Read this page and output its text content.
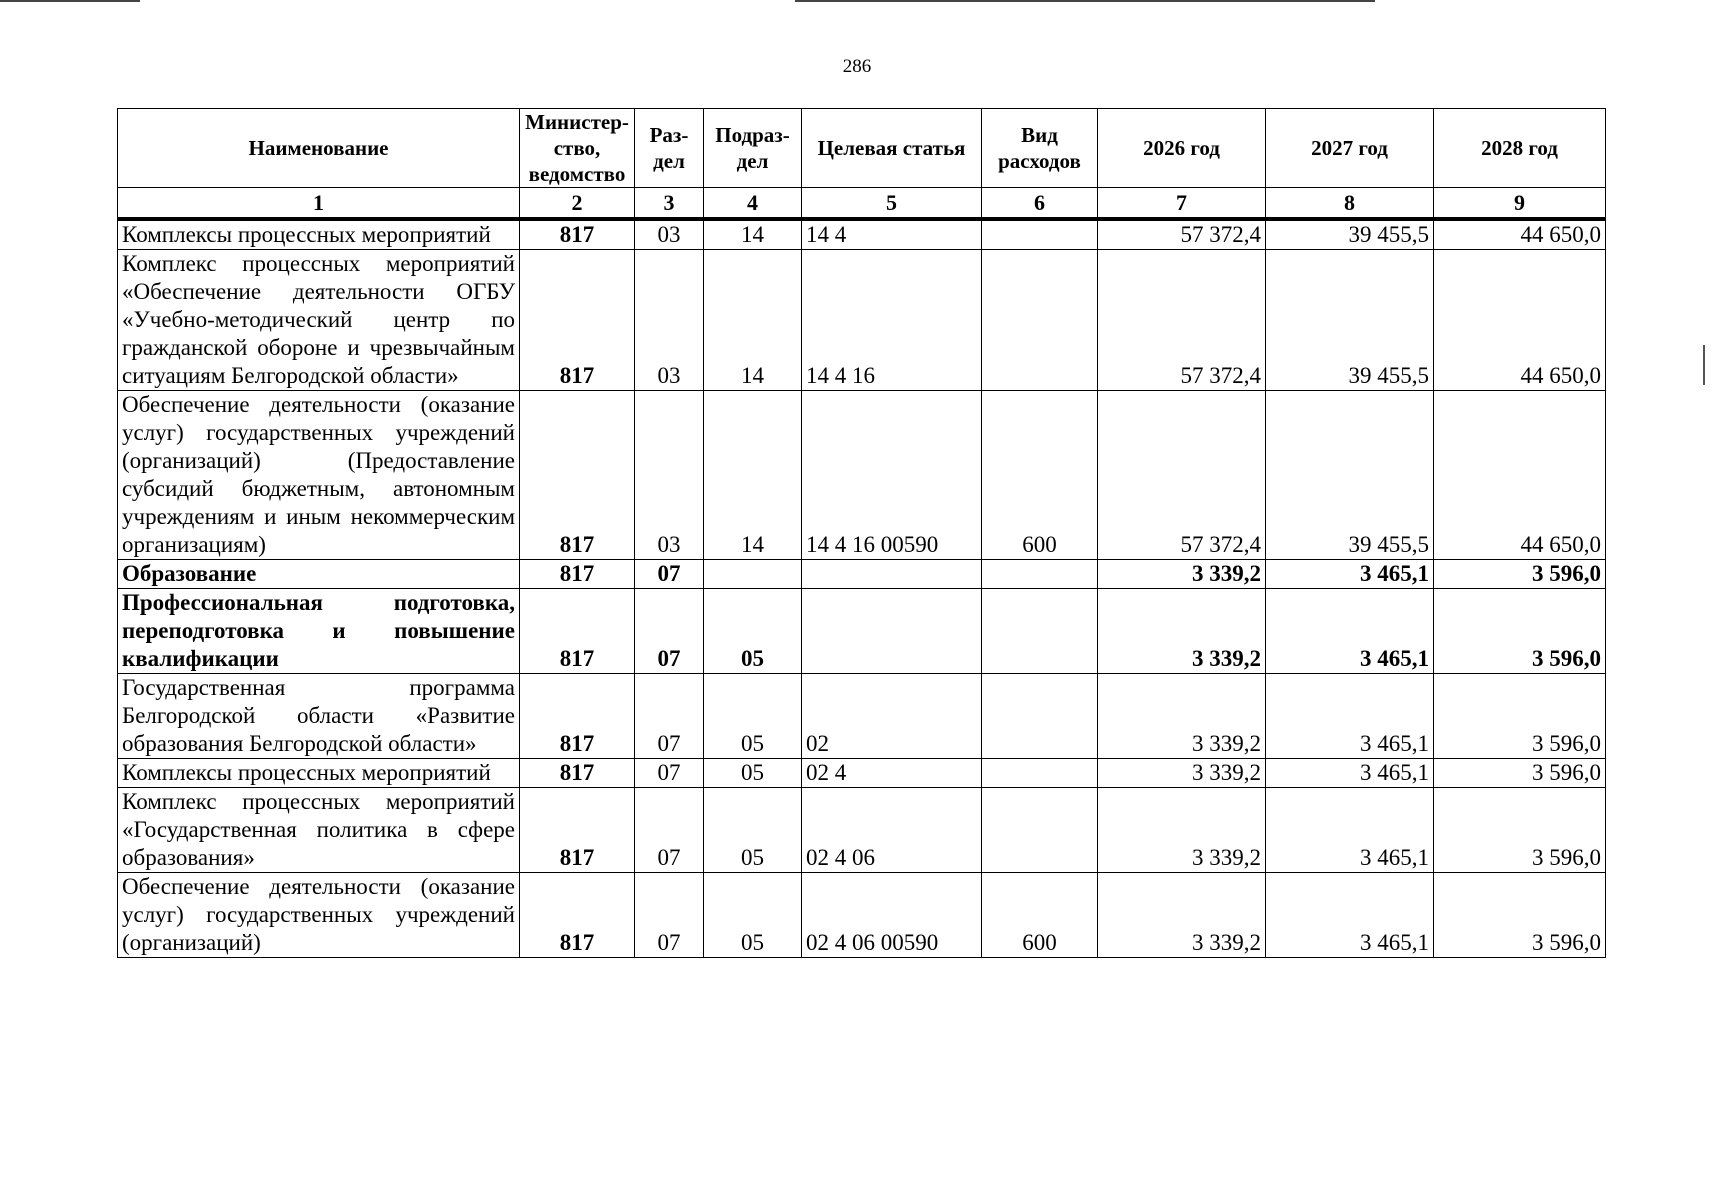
286
Наименование	Министер-ство, ведомство	Раз-дел	Подраз-дел	Целевая статья	Вид расходов	2026 год	2027 год	2028 год
1	2	3	4	5	6	7	8	9
Комплексы процессных мероприятий	817	03	14	14 4		57 372,4	39 455,5	44 650,0
Комплекс процессных мероприятий «Обеспечение деятельности ОГБУ «Учебно-методический центр по гражданской обороне и чрезвычайным ситуациям Белгородской области»	817	03	14	14 4 16		57 372,4	39 455,5	44 650,0
Обеспечение деятельности (оказание услуг) государственных учреждений (организаций) (Предоставление субсидий бюджетным, автономным учреждениям и иным некоммерческим организациям)	817	03	14	14 4 16 00590	600	57 372,4	39 455,5	44 650,0
Образование	817	07				3 339,2	3 465,1	3 596,0
Профессиональная подготовка, переподготовка и повышение квалификации	817	07	05			3 339,2	3 465,1	3 596,0
Государственная программа Белгородской области «Развитие образования Белгородской области»	817	07	05	02		3 339,2	3 465,1	3 596,0
Комплексы процессных мероприятий	817	07	05	02 4		3 339,2	3 465,1	3 596,0
Комплекс процессных мероприятий «Государственная политика в сфере образования»	817	07	05	02 4 06		3 339,2	3 465,1	3 596,0
Обеспечение деятельности (оказание услуг) государственных учреждений (организаций)	817	07	05	02 4 06 00590	600	3 339,2	3 465,1	3 596,0
